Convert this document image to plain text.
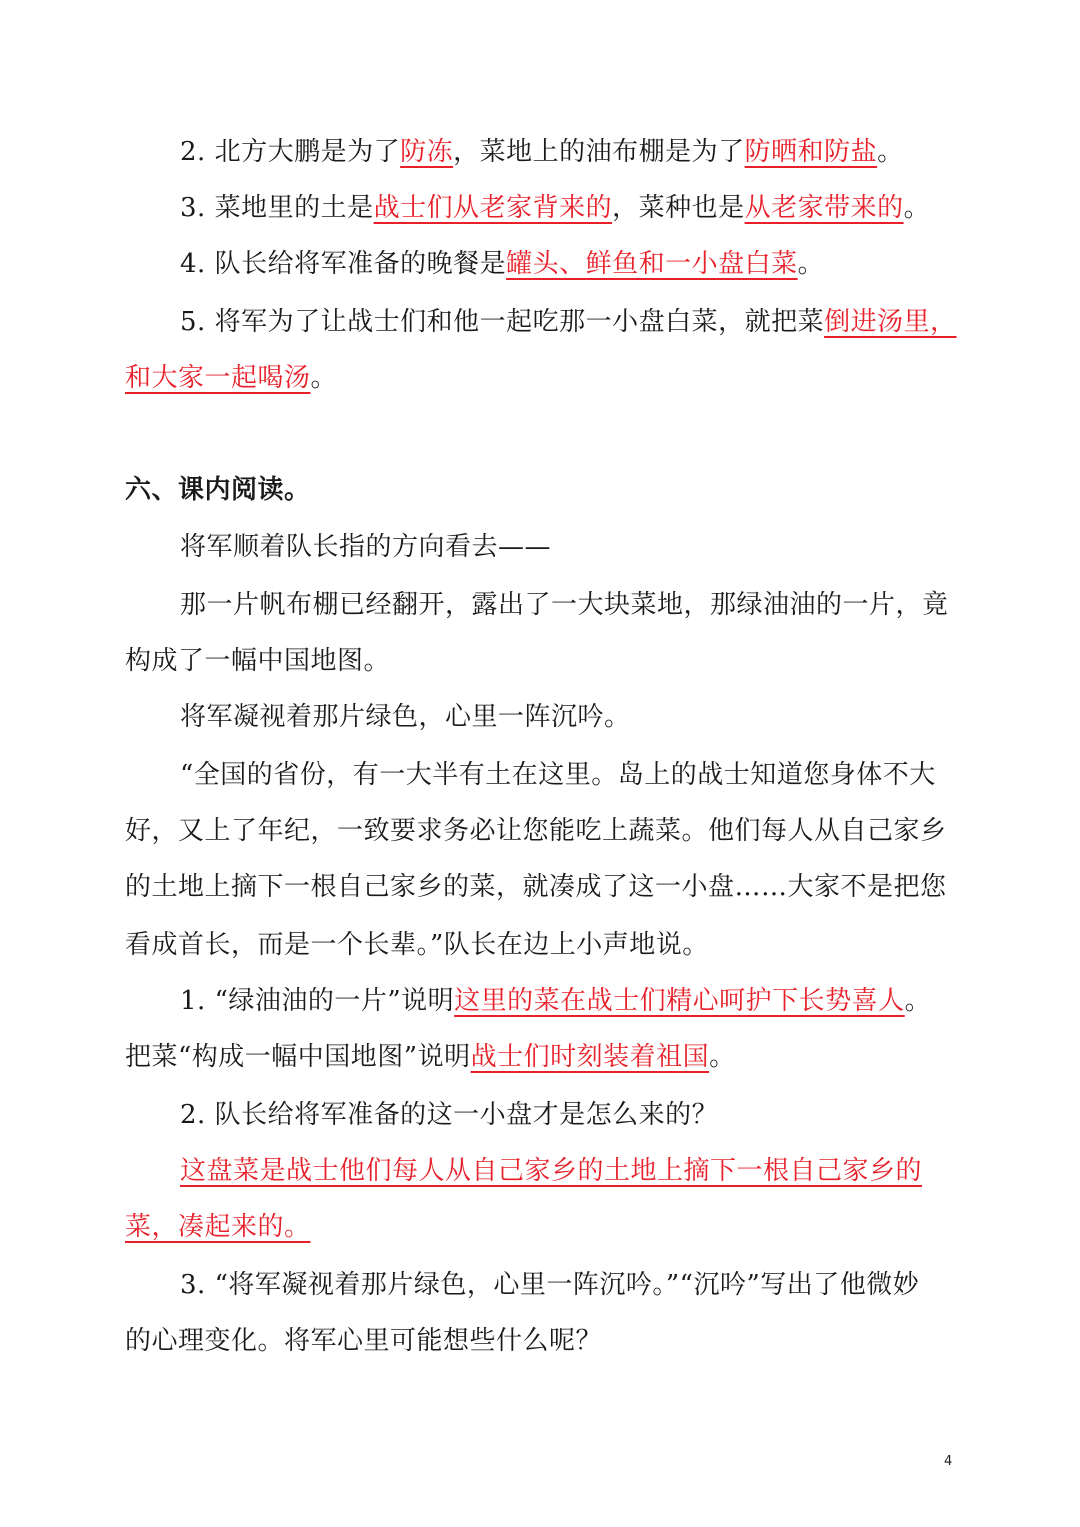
2. 北方大鹏是为了防冻，菜地上的油布棚是为了防晒和防盐。
3. 菜地里的土是战士们从老家背来的，菜种也是从老家带来的。
4. 队长给将军准备的晚餐是罐头、鲜鱼和一小盘白菜。
5. 将军为了让战士们和他一起吃那一小盘白菜，就把菜倒进汤里，
和大家一起喝汤。
六、课内阅读。
将军顺着队长指的方向看去——
那一片帆布棚已经翻开，露出了一大块菜地，那绿油油的一片，竟
构成了一幅中国地图。
将军凝视着那片绿色，心里一阵沉吟。
“全国的省份，有一大半有土在这里。岛上的战士知道您身体不大
好，又上了年纪，一致要求务必让您能吃上蔬菜。他们每人从自己家乡
的土地上摘下一根自己家乡的菜，就凑成了这一小盘……大家不是把您
看成首长，而是一个长辈。”队长在边上小声地说。
1. “绿油油的一片”说明这里的菜在战士们精心呵护下长势喜人。
把菜“构成一幅中国地图”说明战士们时刻装着祖国。
2. 队长给将军准备的这一小盘才是怎么来的？
这盘菜是战士他们每人从自己家乡的土地上摘下一根自己家乡的
菜，凑起来的。
3. “将军凝视着那片绿色，心里一阵沉吟。”“沉吟”写出了他微妙
的心理变化。将军心里可能想些什么呢？
4
